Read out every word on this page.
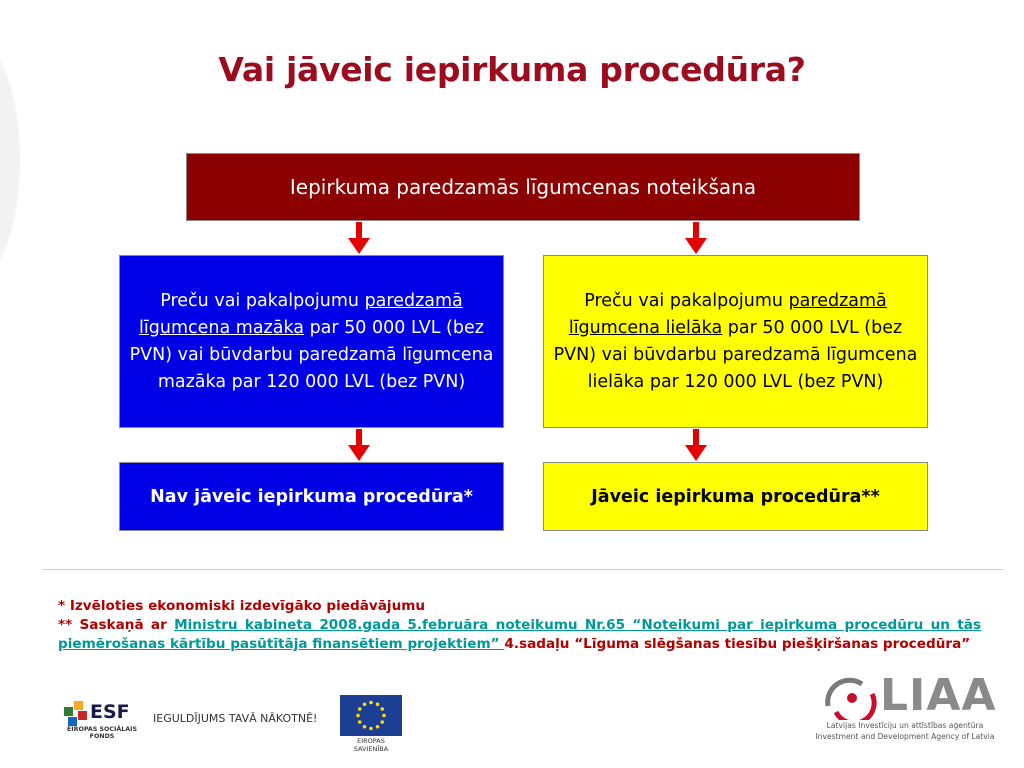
Vai jāveic iepirkuma procedūra?
Iepirkuma paredzamās līgumcenas noteikšana
Preču vai pakalpojumu paredzamā līgumcena mazāka par 50 000 LVL (bez PVN) vai būvdarbu paredzamā līgumcena mazāka par 120 000 LVL (bez PVN)
Preču vai pakalpojumu paredzamā līgumcena lielāka par 50 000 LVL (bez PVN) vai būvdarbu paredzamā līgumcena lielāka par 120 000 LVL (bez PVN)
Nav jāveic iepirkuma procedūra*	Jāveic iepirkuma procedūra**
* Izvēloties ekonomiski izdevīgāko piedāvājumu
** Saskaņā ar Ministru kabineta 2008.gada 5.februāra noteikumu Nr.65 “Noteikumi par iepirkuma procedūru un tās piemērošanas kārtību pasūtītāja finansētiem projektiem” 4.sadaļu “Līguma slēgšanas tiesību piešķiršanas procedūra”
ESF
EIROPAS SOCIĀLAIS FONDS
IEGULDĪJUMS TAVĀ NĀKOTNĒ!
EIROPAS SAVIENĪBA
LIAA
Latvijas Investīciju un attīstības aģentūra
Investment and Development Agency of Latvia
